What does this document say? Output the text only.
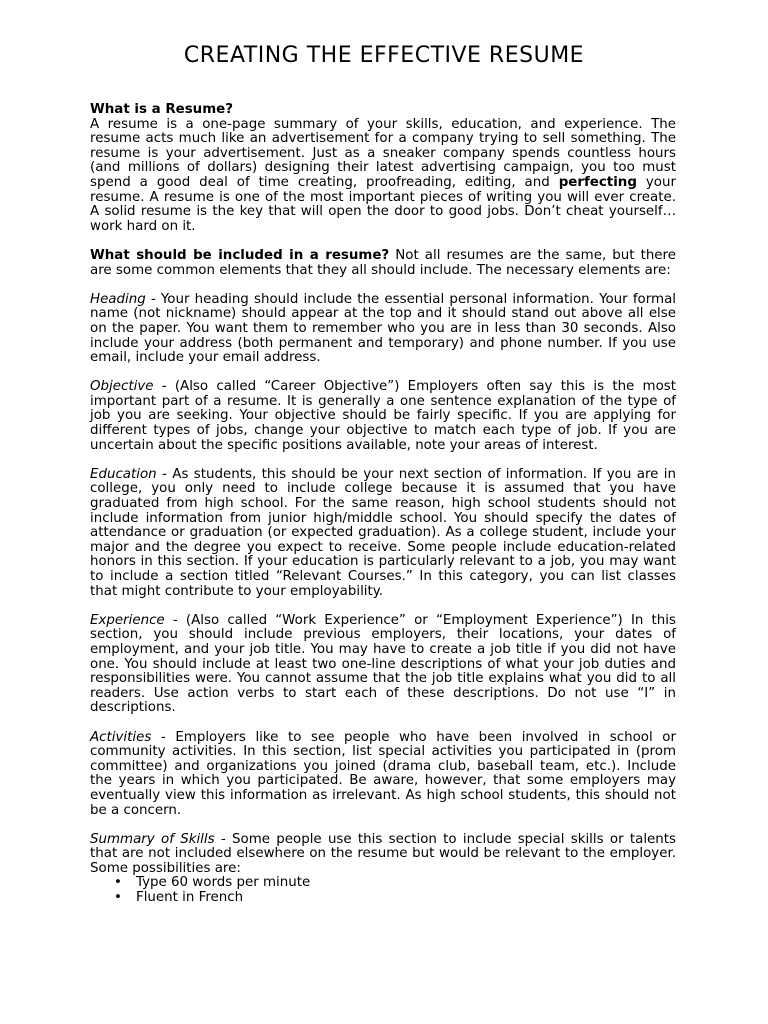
CREATING THE EFFECTIVE RESUME

What is a Resume?
A resume is a one-page summary of your skills, education, and experience. The resume acts much like an advertisement for a company trying to sell something. The resume is your advertisement. Just as a sneaker company spends countless hours (and millions of dollars) designing their latest advertising campaign, you too must spend a good deal of time creating, proofreading, editing, and perfecting your resume. A resume is one of the most important pieces of writing you will ever create. A solid resume is the key that will open the door to good jobs. Don’t cheat yourself…work hard on it.

What should be included in a resume? Not all resumes are the same, but there are some common elements that they all should include. The necessary elements are:

Heading - Your heading should include the essential personal information. Your formal name (not nickname) should appear at the top and it should stand out above all else on the paper. You want them to remember who you are in less than 30 seconds. Also include your address (both permanent and temporary) and phone number. If you use email, include your email address.

Objective - (Also called “Career Objective”) Employers often say this is the most important part of a resume. It is generally a one sentence explanation of the type of job you are seeking. Your objective should be fairly specific. If you are applying for different types of jobs, change your objective to match each type of job. If you are uncertain about the specific positions available, note your areas of interest.

Education - As students, this should be your next section of information. If you are in college, you only need to include college because it is assumed that you have graduated from high school. For the same reason, high school students should not include information from junior high/middle school. You should specify the dates of attendance or graduation (or expected graduation). As a college student, include your major and the degree you expect to receive. Some people include education-related honors in this section. If your education is particularly relevant to a job, you may want to include a section titled “Relevant Courses.” In this category, you can list classes that might contribute to your employability.

Experience - (Also called “Work Experience” or “Employment Experience”) In this section, you should include previous employers, their locations, your dates of employment, and your job title. You may have to create a job title if you did not have one. You should include at least two one-line descriptions of what your job duties and responsibilities were. You cannot assume that the job title explains what you did to all readers. Use action verbs to start each of these descriptions. Do not use “I” in descriptions.

Activities - Employers like to see people who have been involved in school or community activities. In this section, list special activities you participated in (prom committee) and organizations you joined (drama club, baseball team, etc.). Include the years in which you participated. Be aware, however, that some employers may eventually view this information as irrelevant. As high school students, this should not be a concern.

Summary of Skills - Some people use this section to include special skills or talents that are not included elsewhere on the resume but would be relevant to the employer. Some possibilities are:

• Type 60 words per minute
• Fluent in French
